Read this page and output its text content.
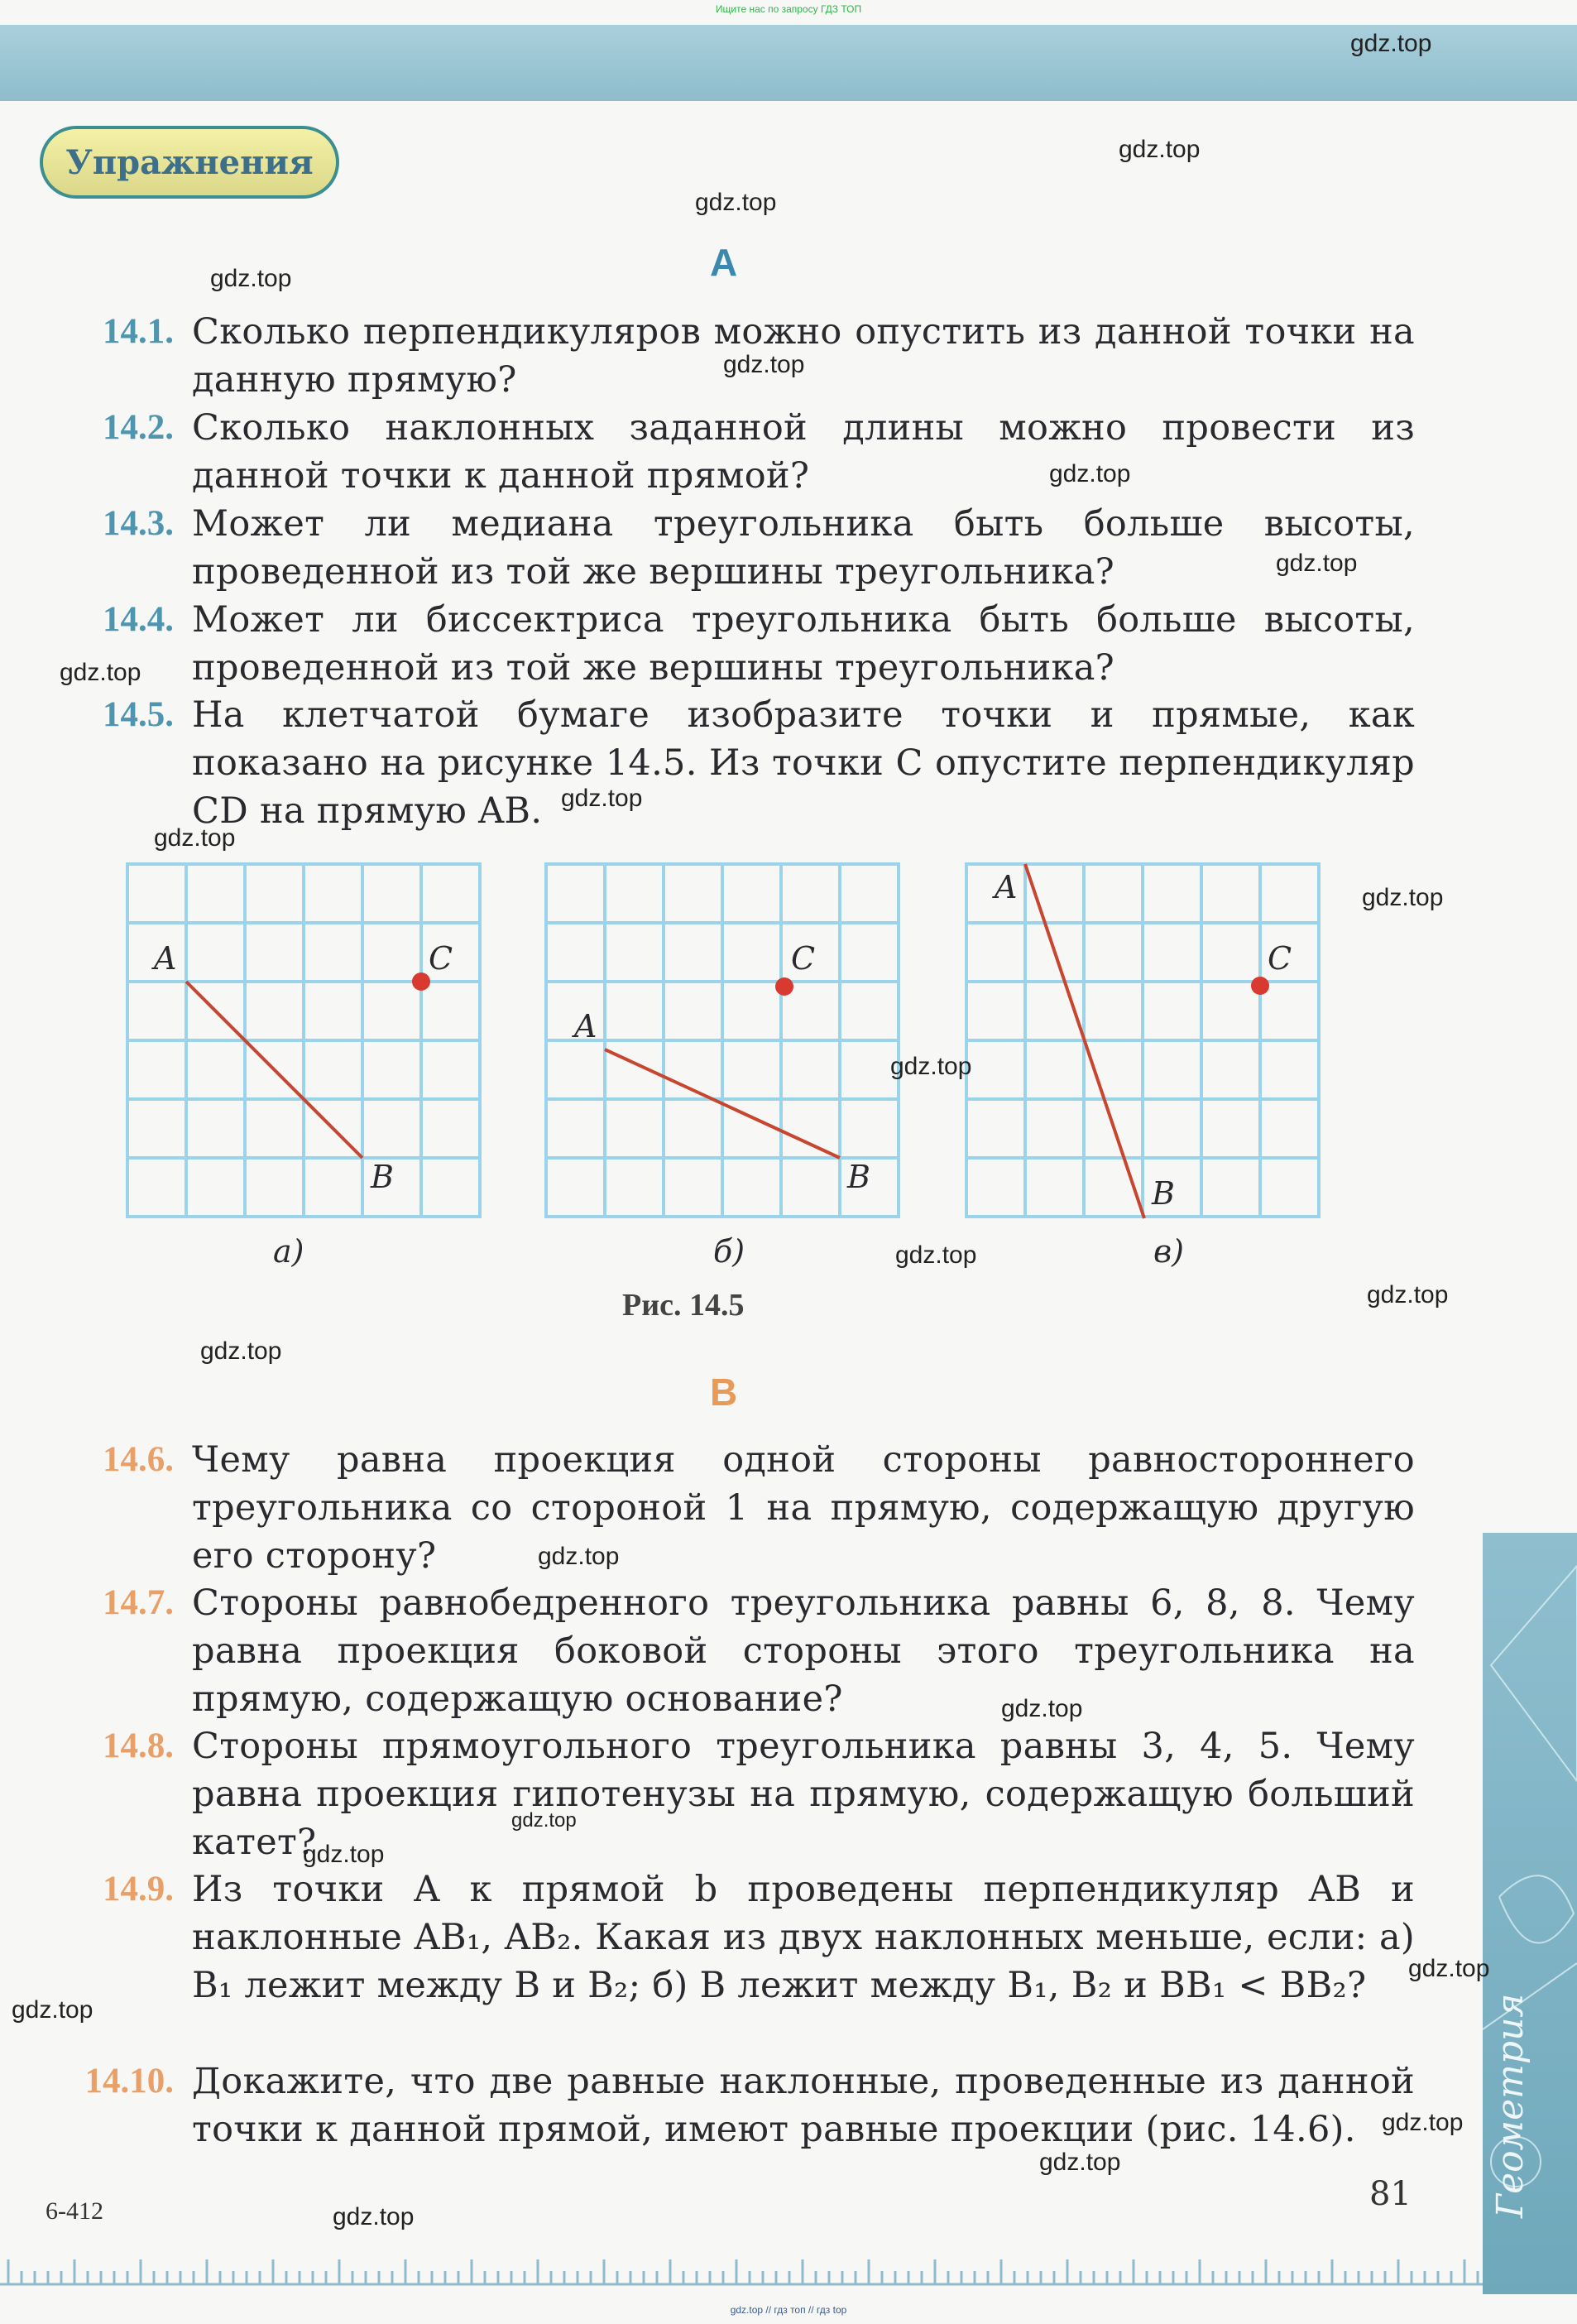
Ищите нас по запросу ГДЗ ТОП
Упражнения
А
14.1. Сколько перпендикуляров можно опустить из данной точки на данную прямую?
14.2. Сколько наклонных заданной длины можно провести из данной точки к данной прямой?
14.3. Может ли медиана треугольника быть больше высоты, проведенной из той же вершины треугольника?
14.4. Может ли биссектриса треугольника быть больше высоты, проведенной из той же вершины треугольника?
14.5. На клетчатой бумаге изобразите точки и прямые, как показано на рисунке 14.5. Из точки C опустите перпендикуляр CD на прямую AB.
A
B
C
а)
A
B
C
б)
A
B
C
в)
Рис. 14.5
В
14.6. Чему равна проекция одной стороны равностороннего треугольника со стороной 1 на прямую, содержащую другую его сторону?
14.7. Стороны равнобедренного треугольника равны 6, 8, 8. Чему равна проекция боковой стороны этого треугольника на прямую, содержащую основание?
14.8. Стороны прямоугольного треугольника равны 3, 4, 5. Чему равна проекция гипотенузы на прямую, содержащую больший катет?
14.9. Из точки A к прямой b проведены перпендикуляр AB и наклонные AB₁, AB₂. Какая из двух наклонных меньше, если: а) B₁ лежит между B и B₂; б) B лежит между B₁, B₂ и BB₁ < BB₂?
14.10. Докажите, что две равные наклонные, проведенные из данной точки к данной прямой, имеют равные проекции (рис. 14.6).
81
6-412	Геометрия
gdz.top // гдз топ // гдз top
gdz.top
gdz.top
gdz.top
gdz.top
gdz.top
gdz.top
gdz.top
gdz.top
gdz.top
gdz.top
gdz.top
gdz.top
gdz.top
gdz.top
gdz.top
gdz.top
gdz.top
gdz.top
gdz.top
gdz.top
gdz.top
gdz.top
gdz.top
gdz.top
